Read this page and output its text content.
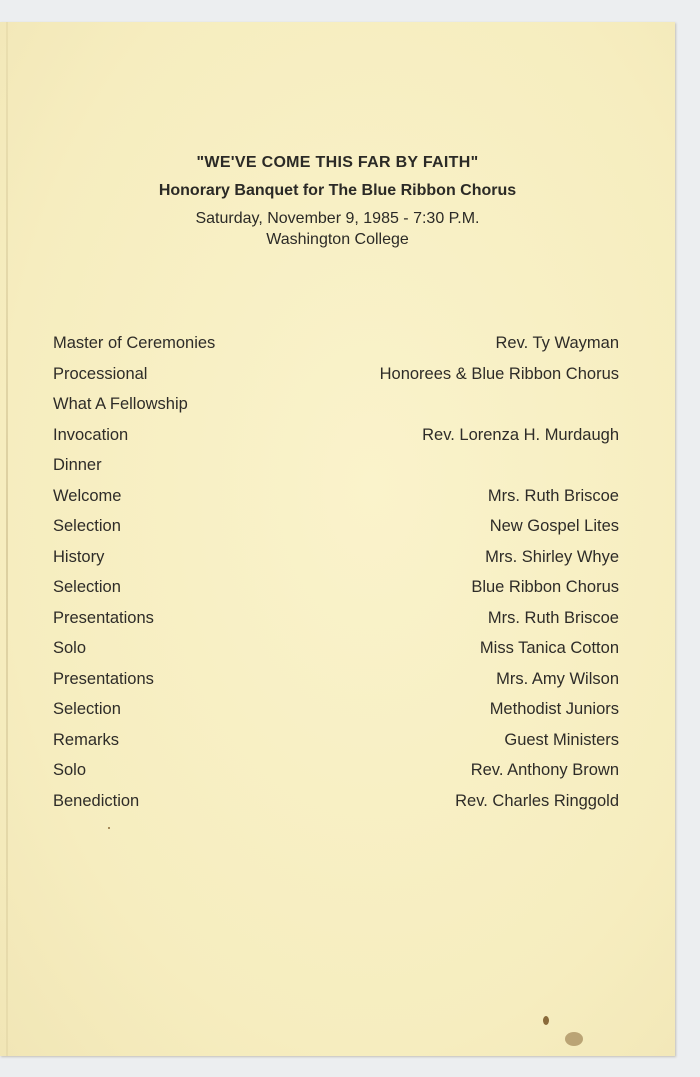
"WE'VE COME THIS FAR BY FAITH"

Honorary Banquet for The Blue Ribbon Chorus

Saturday, November 9, 1985 - 7:30 P.M.

Washington College

Master of Ceremonies	Rev. Ty Wayman
Processional	Honorees & Blue Ribbon Chorus
What A Fellowship
Invocation	Rev. Lorenza H. Murdaugh
Dinner
Welcome	Mrs. Ruth Briscoe
Selection	New Gospel Lites
History	Mrs. Shirley Whye
Selection	Blue Ribbon Chorus
Presentations	Mrs. Ruth Briscoe
Solo	Miss Tanica Cotton
Presentations	Mrs. Amy Wilson
Selection	Methodist Juniors
Remarks	Guest Ministers
Solo	Rev. Anthony Brown
Benediction	Rev. Charles Ringgold
